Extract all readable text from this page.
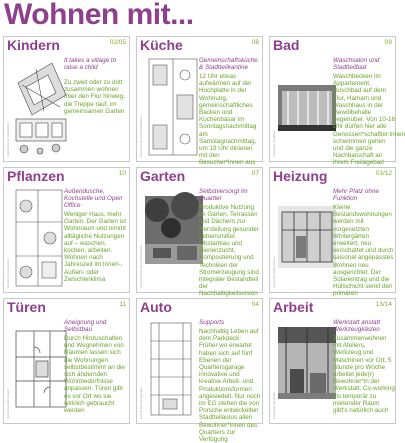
Wohnen mit...
Kindern	02/05
Zeichnung der Kinderhöfe
It takes a village to raise a child
Zu zweit oder zu dritt zusammen wohnen über den Flur hinweg, die Treppe rauf, im gemeinsamen Garten
Küche	08
Grundriss Gemeinschaftsküche
Gemeinschaftsküche & Stadtteilkantine
12 Uhr etwas aufwärmen auf der Hochplatte in der Wohnung, gemeinschaftliches Backen und Kuchenbasar im Sonntagsnachmittag am Samstagnachmittag, um 19 Uhr dinieren mit den Besucher*innen aus
Bad	09
Fotografie Stadtbad
Waschsalon und Stadtteilbad
Waschbecken im Appartement, Duschbad auf dem Flur, Hamam und Waschhaus in der Gewölbehalle gegenüber. Von 10-16 Uhr dürfen hier alle Genossen*schaftler:innen schwimmen gehen und die ganze Nachbarschaft an ihrem Freilagebad
Pflanzen	10
Grundriss Gartenzone
Außendusche, Kochstelle und Open Office
Weniger Haus, mehr Garten. Der Garten ist Wohnraum und nimmt alltägliche Nutzungen auf – waschen, kochen, arbeiten. Wohnen nach Jahreszeit im Innen-, Außen- oder Zwischenklima
Garten	07
Fotografie Gemeinschaftsgarten
Selbstversorgt im Quartier
Produktive Nutzung im Garten, Terrassen und Dächern zur Herstellung gesunder Lebensmittel. Obstanbau und Bienenzucht, Kompostierung und Techniken der Stromerzeugung sind integraler Bestandteil der Nachhaltigkeitsvision
Heizung	03/12
Fotografie Wintergarten
Mehr Platz ohne Funktion
Kleine Bestandswohnungen werden mit vorgesetzten Wintergärten erweitert, neu verschattet und durch saisonal angepasstes Wohnen neu ausgerichtet. Der Solareintrag und die Hüllschicht senkt den primären
Türen	11
Grundriss Wohnungen
Aneignung und Selbstbau
Durch Hinzuschalten und Wegnehmen von Räumen lassen sich die Wohnungen selbstbestimmt an die sich ändernden Wohnbedürfnisse anpassen. Türen gibt es vor Ort wo sie wirklich gebraucht werden
Auto	04
Schnitt Quartiersgarage
Supports
Nachhaltig Leben auf dem Parkdeck: Früher wo erwartet haben sich auf fünf Ebenen der Quartiersgarage innovative und kreative Arbeit- und Produktionsformen angesiedelt. Nur noch im EG stehen die von Porsche entwickelten Stadtteilautos allen Bewohner*innen des Quartiers zur Verfügung
Arbeit	13/14
Fotografie Werkstatt
Werkstatt anstatt Werkzeugkästen
Zusammenwohnen mit Ateliers, Werkzeug und Maschinen vor Ort, 5 Stunde pro Woche arbeitet jede(r) Bewohner*in der Werkstatt. Co-working als temporär zu mietender Raum gibt's natürlich auch
